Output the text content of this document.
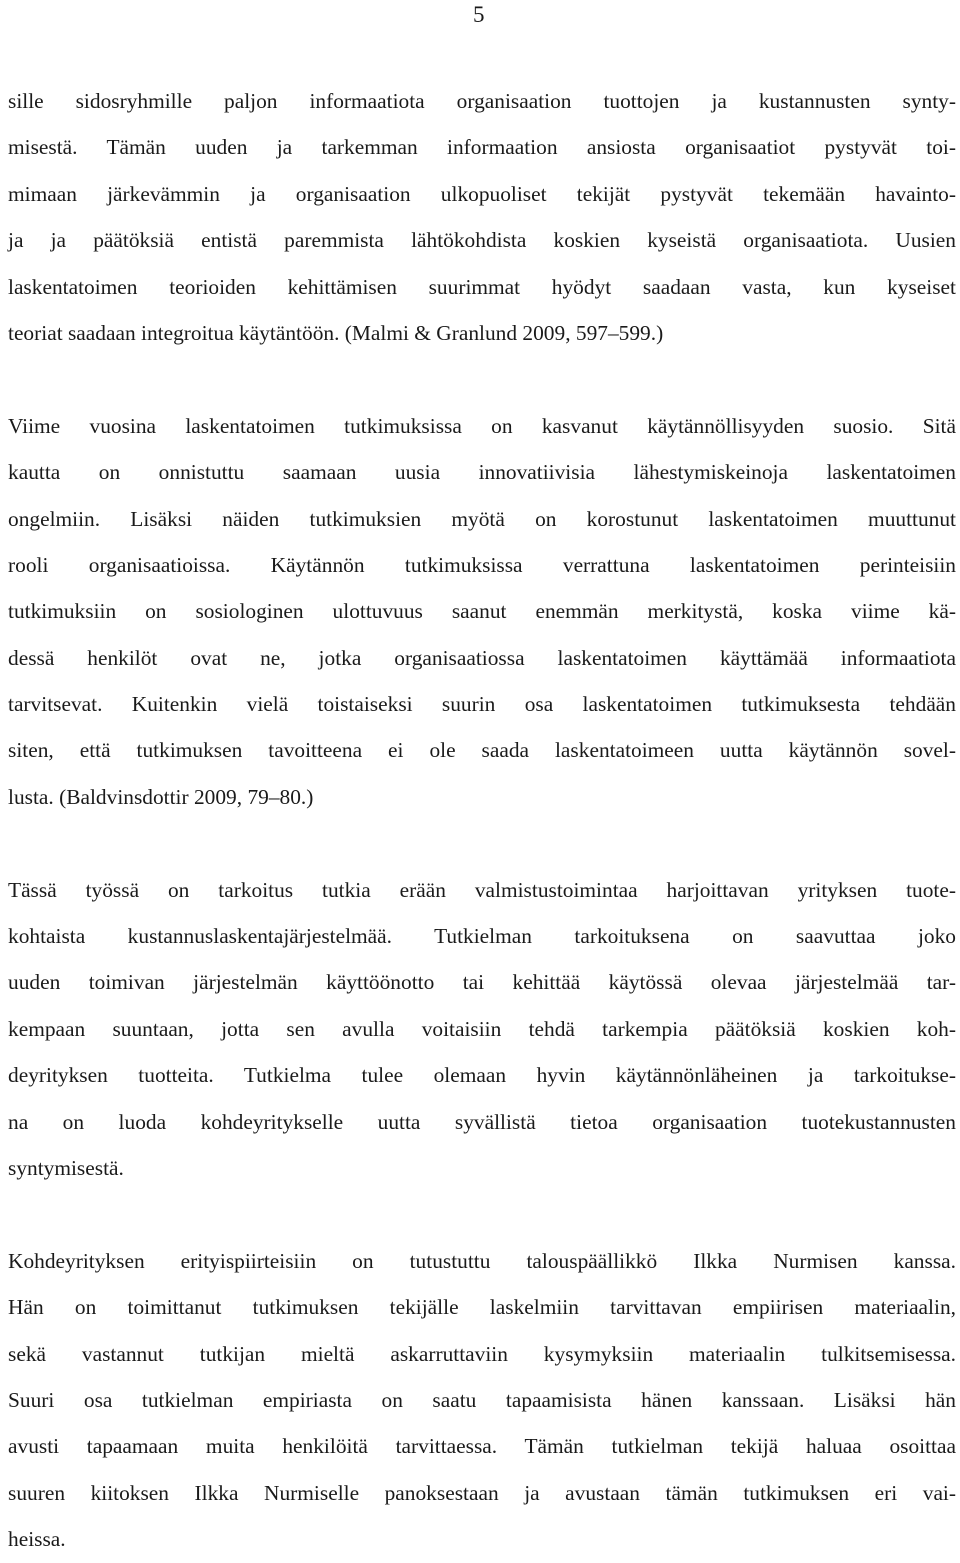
5
sille sidosryhmille paljon informaatiota organisaation tuottojen ja kustannusten synty-
misestä. Tämän uuden ja tarkemman informaation ansiosta organisaatiot pystyvät toi-
mimaan järkevämmin ja organisaation ulkopuoliset tekijät pystyvät tekemään havainto-
ja ja päätöksiä entistä paremmista lähtökohdista koskien kyseistä organisaatiota. Uusien
laskentatoimen teorioiden kehittämisen suurimmat hyödyt saadaan vasta, kun kyseiset
teoriat saadaan integroitua käytäntöön. (Malmi & Granlund 2009, 597–599.)
Viime vuosina laskentatoimen tutkimuksissa on kasvanut käytännöllisyyden suosio. Sitä
kautta on onnistuttu saamaan uusia innovatiivisia lähestymiskeinoja laskentatoimen
ongelmiin. Lisäksi näiden tutkimuksien myötä on korostunut laskentatoimen muuttunut
rooli organisaatioissa. Käytännön tutkimuksissa verrattuna laskentatoimen perinteisiin
tutkimuksiin on sosiologinen ulottuvuus saanut enemmän merkitystä, koska viime kä-
dessä henkilöt ovat ne, jotka organisaatiossa laskentatoimen käyttämää informaatiota
tarvitsevat. Kuitenkin vielä toistaiseksi suurin osa laskentatoimen tutkimuksesta tehdään
siten, että tutkimuksen tavoitteena ei ole saada laskentatoimeen uutta käytännön sovel-
lusta. (Baldvinsdottir 2009, 79–80.)
Tässä työssä on tarkoitus tutkia erään valmistustoimintaa harjoittavan yrityksen tuote-
kohtaista kustannuslaskentajärjestelmää. Tutkielman tarkoituksena on saavuttaa joko
uuden toimivan järjestelmän käyttöönotto tai kehittää käytössä olevaa järjestelmää tar-
kempaan suuntaan, jotta sen avulla voitaisiin tehdä tarkempia päätöksiä koskien koh-
deyrityksen tuotteita. Tutkielma tulee olemaan hyvin käytännönläheinen ja tarkoitukse-
na on luoda kohdeyritykselle uutta syvällistä tietoa organisaation tuotekustannusten
syntymisestä.
Kohdeyrityksen erityispiirteisiin on tutustuttu talouspäällikkö Ilkka Nurmisen kanssa.
Hän on toimittanut tutkimuksen tekijälle laskelmiin tarvittavan empiirisen materiaalin,
sekä vastannut tutkijan mieltä askarruttaviin kysymyksiin materiaalin tulkitsemisessa.
Suuri osa tutkielman empiriasta on saatu tapaamisista hänen kanssaan. Lisäksi hän
avusti tapaamaan muita henkilöitä tarvittaessa. Tämän tutkielman tekijä haluaa osoittaa
suuren kiitoksen Ilkka Nurmiselle panoksestaan ja avustaan tämän tutkimuksen eri vai-
heissa.
